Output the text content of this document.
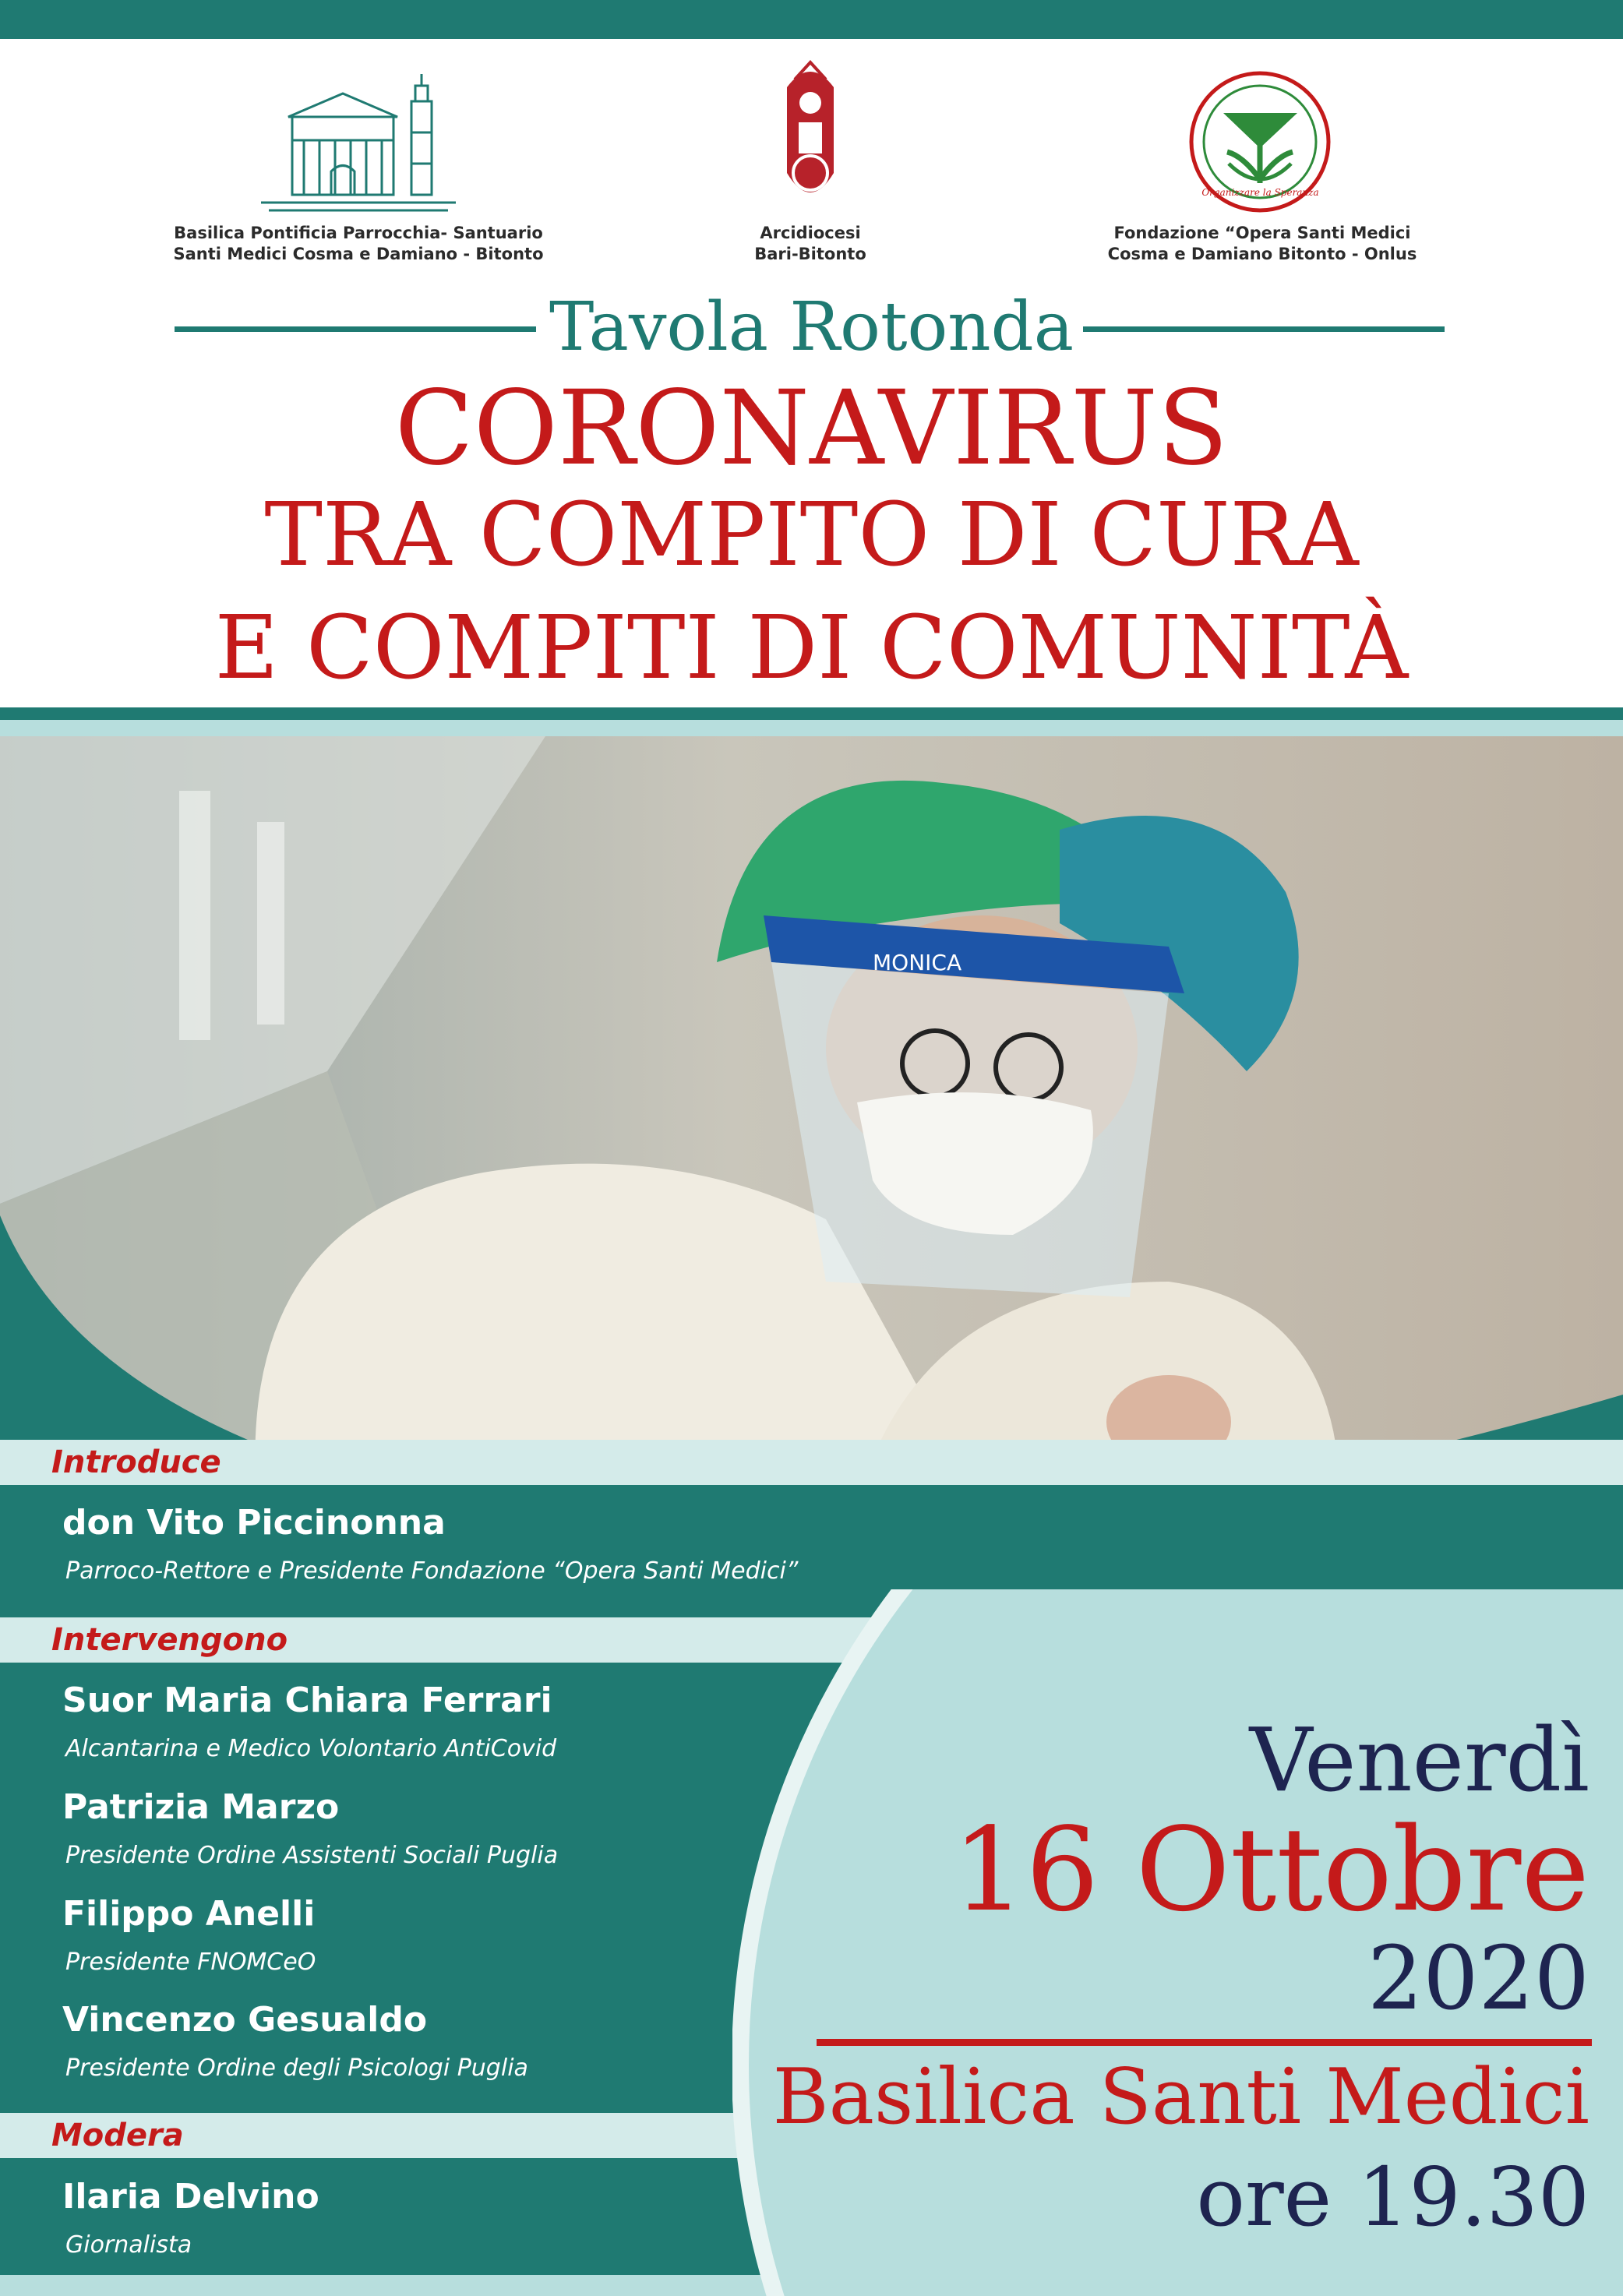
Basilica Pontificia Parrocchia- Santuario
Santi Medici Cosma e Damiano - Bitonto
Arcidiocesi
Bari-Bitonto
Organizzare la Speranza
Fondazione “Opera Santi Medici
Cosma e Damiano Bitonto - Onlus
Tavola Rotonda
CORONAVIRUS
TRA COMPITO DI CURA
E COMPITI DI COMUNITÀ
MONICA
Introduce
don Vito Piccinonna
Parroco-Rettore e Presidente Fondazione “Opera Santi Medici”
Intervengono
Suor Maria Chiara Ferrari
Alcantarina e Medico Volontario AntiCovid
Patrizia Marzo
Presidente Ordine Assistenti Sociali Puglia
Filippo Anelli
Presidente FNOMCeO
Vincenzo Gesualdo
Presidente Ordine degli Psicologi Puglia
Modera
Ilaria Delvino
Giornalista
Venerdì
16 Ottobre
2020
Basilica Santi Medici
ore 19.30
